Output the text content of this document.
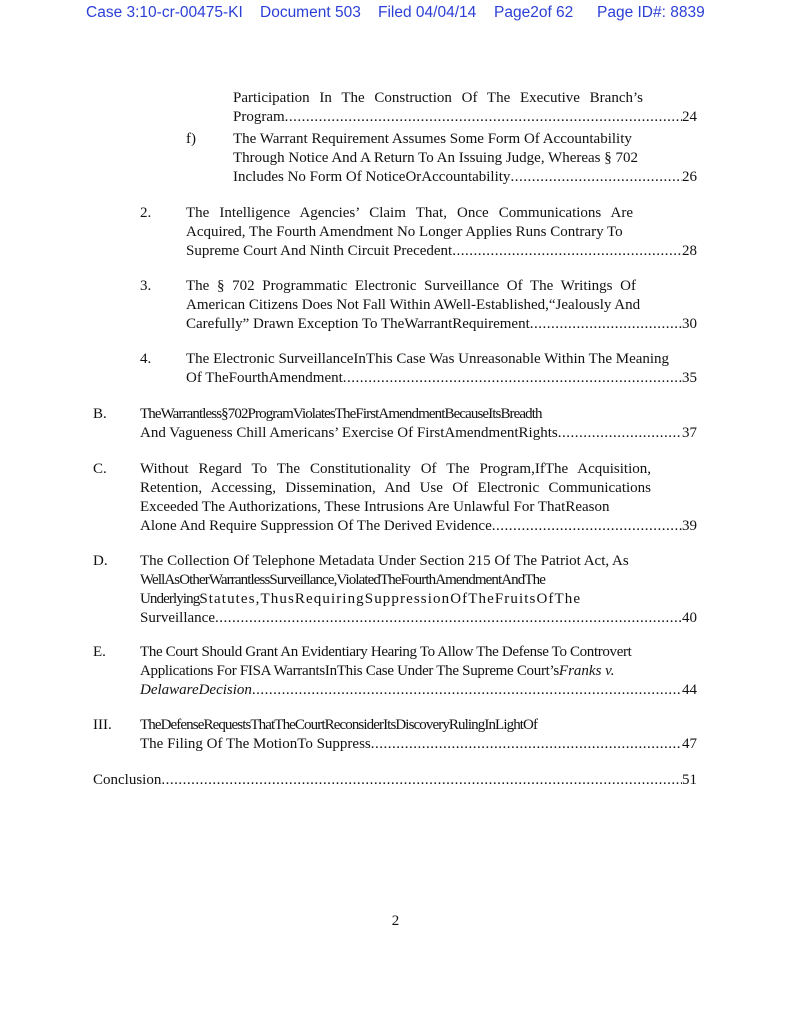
Case 3:10-cr-00475-KI Document 503 Filed 04/04/14 Page2of 62 Page ID#: 8839
Participation In The Construction Of The Executive Branch’s
Program .....	24
f) The Warrant Requirement Assumes Some Form Of Accountability
Through Notice And A Return To An Issuing Judge, Whereas § 702
Includes No Form Of NoticeOrAccountability .....	26
2. The Intelligence Agencies’ Claim That, Once Communications Are
Acquired, The Fourth Amendment No Longer Applies Runs Contrary To
Supreme Court And Ninth Circuit Precedent .....	28
3. The § 702 Programmatic Electronic Surveillance Of The Writings Of
American Citizens Does Not Fall Within AWell-Established,“Jealously And
Carefully” Drawn Exception To TheWarrantRequirement .....	30
4. The Electronic SurveillanceInThis Case Was Unreasonable Within The Meaning
Of TheFourthAmendment .....	35
B. TheWarrantless§702ProgramViolatesTheFirstAmendmentBecauseItsBreadth
And Vagueness Chill Americans’ Exercise Of FirstAmendmentRights .....	37
C. Without Regard To The Constitutionality Of The Program,IfThe Acquisition,
Retention, Accessing, Dissemination, And Use Of Electronic Communications
Exceeded The Authorizations, These Intrusions Are Unlawful For ThatReason
Alone And Require Suppression Of The Derived Evidence .....	39
D. The Collection Of Telephone Metadata Under Section 215 Of The Patriot Act, As
WellAsOtherWarrantlessSurveillance,ViolatedTheFourthAmendmentAndThe
UnderlyingStatutes,ThusRequiringSuppressionOfTheFruitsOfThe
Surveillance .....	40
E. The Court Should Grant An Evidentiary Hearing To Allow The Defense To Controvert
Applications For FISA WarrantsInThis Case Under The Supreme Court’sFranks v.
DelawareDecision .....	44
III. TheDefenseRequestsThatTheCourtReconsiderItsDiscoveryRulingInLightOf
The Filing Of The MotionTo Suppress .....	47
Conclusion .....	51
2
